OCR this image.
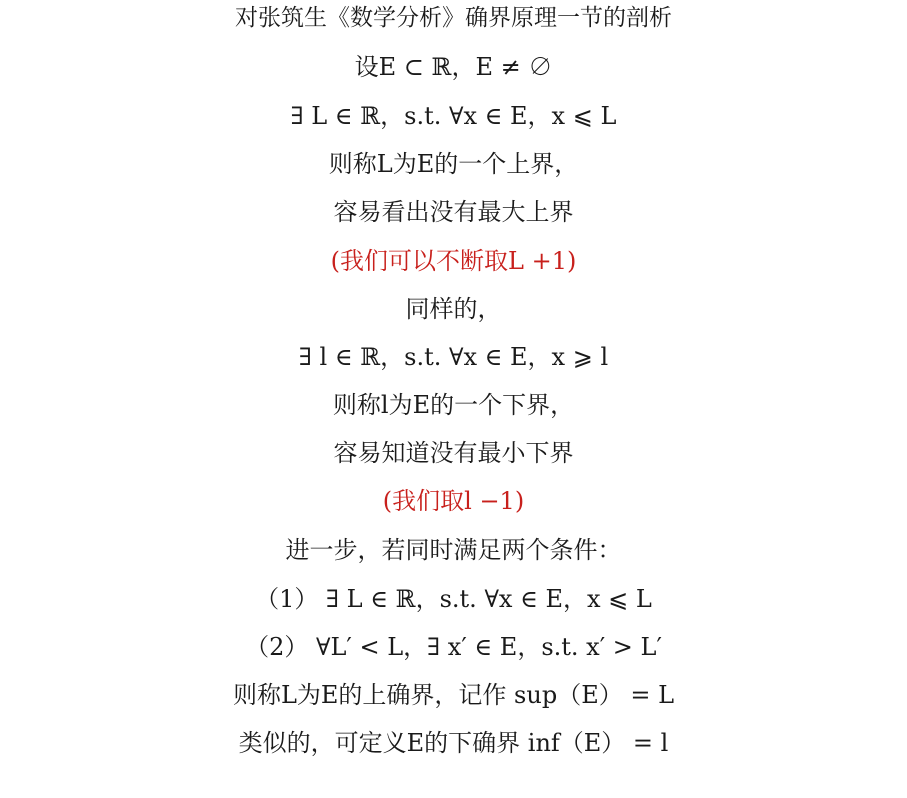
对张筑生《数学分析》确界原理一节的剖析
设E ⊂ ℝ，E ≠ ∅
∃ L ∈ ℝ，s.t. ∀x ∈ E，x ⩽ L
则称L为E的一个上界，
容易看出没有最大上界
(我们可以不断取L +1)
同样的，
∃ l ∈ ℝ，s.t. ∀x ∈ E，x ⩾ l
则称l为E的一个下界，
容易知道没有最小下界
(我们取l −1)
进一步，若同时满足两个条件：
（1） ∃ L ∈ ℝ，s.t. ∀x ∈ E，x ⩽ L
（2） ∀L′ < L，∃ x′ ∈ E，s.t. x′ > L′
则称L为E的上确界，记作 sup（E） = L
类似的，可定义E的下确界 inf（E） = l
